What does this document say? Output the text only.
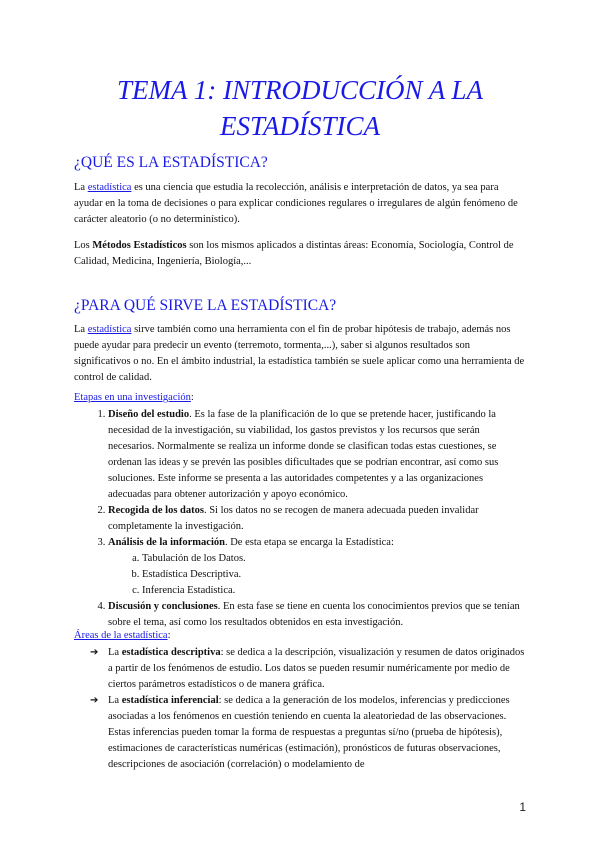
TEMA 1: INTRODUCCIÓN A LA
ESTADÍSTICA
¿QUÉ ES LA ESTADÍSTICA?

La estadística es una ciencia que estudia la recolección, análisis e interpretación de datos, ya sea para ayudar en la toma de decisiones o para explicar condiciones regulares o irregulares de algún fenómeno de carácter aleatorio (o no determinístico).

Los Métodos Estadísticos son los mismos aplicados a distintas áreas: Economía, Sociología, Control de Calidad, Medicina, Ingeniería, Biología,...

¿PARA QUÉ SIRVE LA ESTADÍSTICA?

La estadística sirve también como una herramienta con el fin de probar hipótesis de trabajo, además nos puede ayudar para predecir un evento (terremoto, tormenta,...), saber si algunos resultados son significativos o no. En el ámbito industrial, la estadística también se suele aplicar como una herramienta de control de calidad.

Etapas en una investigación:

1. Diseño del estudio. Es la fase de la planificación de lo que se pretende hacer, justificando la necesidad de la investigación, su viabilidad, los gastos previstos y los recursos que serán necesarios. Normalmente se realiza un informe donde se clasifican todas estas cuestiones, se ordenan las ideas y se prevén las posibles dificultades que se podrían encontrar, así como sus soluciones. Este informe se presenta a las autoridades competentes y a las organizaciones adecuadas para obtener autorización y apoyo económico.
2. Recogida de los datos. Si los datos no se recogen de manera adecuada pueden invalidar completamente la investigación.
3. Análisis de la información. De esta etapa se encarga la Estadística:
a. Tabulación de los Datos.
b. Estadística Descriptiva.
c. Inferencia Estadística.
4. Discusión y conclusiones. En esta fase se tiene en cuenta los conocimientos previos que se tenían sobre el tema, así como los resultados obtenidos en esta investigación.

Áreas de la estadística:

➔ La estadística descriptiva: se dedica a la descripción, visualización y resumen de datos originados a partir de los fenómenos de estudio. Los datos se pueden resumir numéricamente por medio de ciertos parámetros estadísticos o de manera gráfica.
➔ La estadística inferencial: se dedica a la generación de los modelos, inferencias y predicciones asociadas a los fenómenos en cuestión teniendo en cuenta la aleatoriedad de las observaciones. Estas inferencias pueden tomar la forma de respuestas a preguntas sí/no (prueba de hipótesis), estimaciones de características numéricas (estimación), pronósticos de futuras observaciones, descripciones de asociación (correlación) o modelamiento de
1
